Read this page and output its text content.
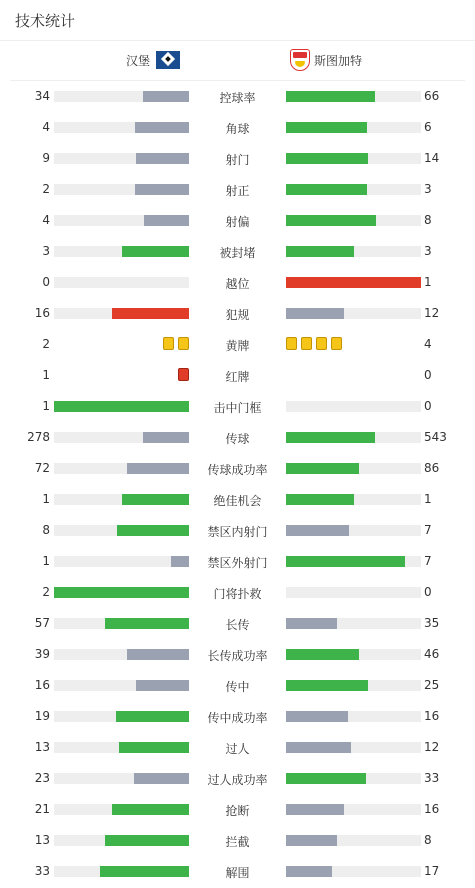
技术统计
汉堡	斯图加特
34	控球率	66
4	角球	6
9	射门	14
2	射正	3
4	射偏	8
3	被封堵	3
0	越位	1
16	犯规	12
2	黄牌	4
1	红牌	0
1	击中门框	0
278	传球	543
72	传球成功率	86
1	绝佳机会	1
8	禁区内射门	7
1	禁区外射门	7
2	门将扑救	0
57	长传	35
39	长传成功率	46
16	传中	25
19	传中成功率	16
13	过人	12
23	过人成功率	33
21	抢断	16
13	拦截	8
33	解围	17
